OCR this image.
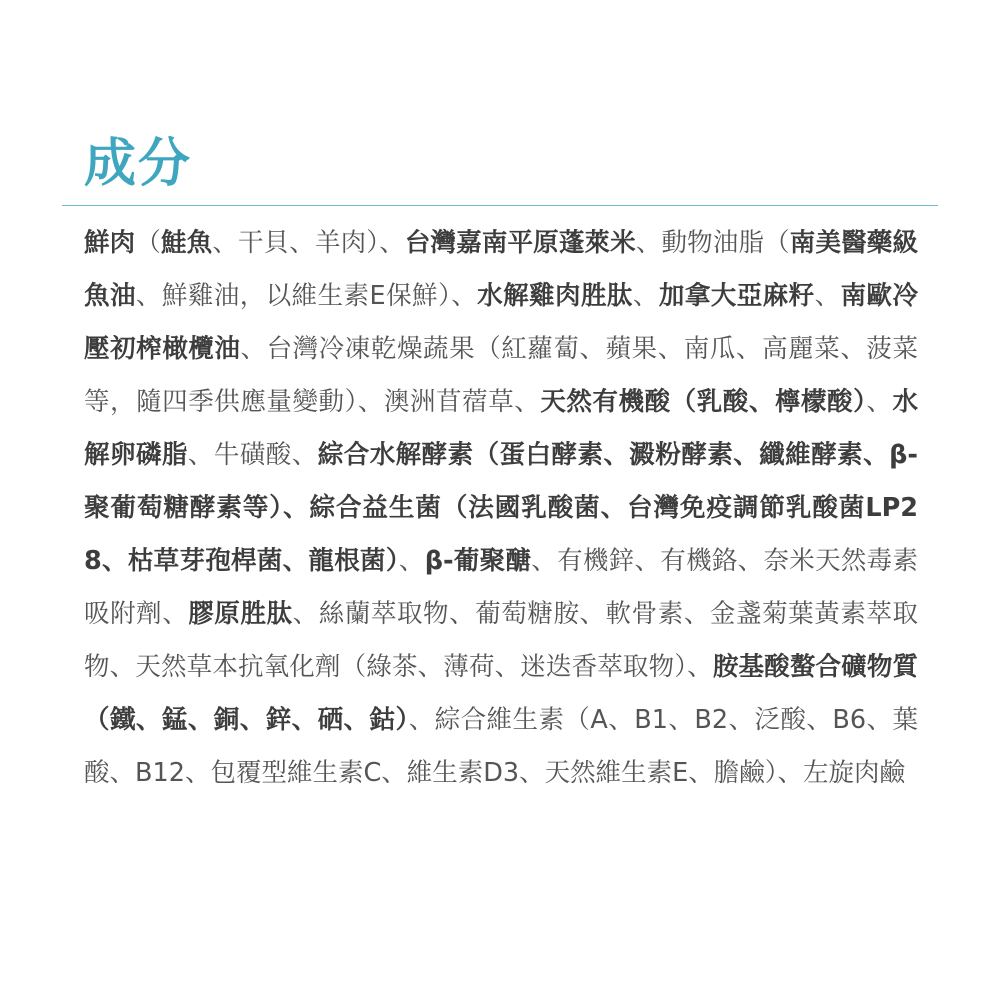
成分

鮮肉（鮭魚、干貝、羊肉）、台灣嘉南平原蓬萊米、動物油脂（南美醫藥級魚油、鮮雞油，以維生素E保鮮）、水解雞肉胜肽、加拿大亞麻籽、南歐冷壓初榨橄欖油、台灣冷凍乾燥蔬果（紅蘿蔔、蘋果、南瓜、高麗菜、菠菜等，隨四季供應量變動）、澳洲苜蓿草、天然有機酸（乳酸、檸檬酸）、水解卵磷脂、牛磺酸、綜合水解酵素（蛋白酵素、澱粉酵素、纖維酵素、β-聚葡萄糖酵素等）、綜合益生菌（法國乳酸菌、台灣免疫調節乳酸菌LP28、枯草芽孢桿菌、龍根菌）、β-葡聚醣、有機鋅、有機鉻、奈米天然毒素吸附劑、膠原胜肽、絲蘭萃取物、葡萄糖胺、軟骨素、金盞菊葉黃素萃取物、天然草本抗氧化劑（綠茶、薄荷、迷迭香萃取物）、胺基酸螯合礦物質（鐵、錳、銅、鋅、硒、鈷）、綜合維生素（A、B1、B2、泛酸、B6、葉酸、B12、包覆型維生素C、維生素D3、天然維生素E、膽鹼）、左旋肉鹼
